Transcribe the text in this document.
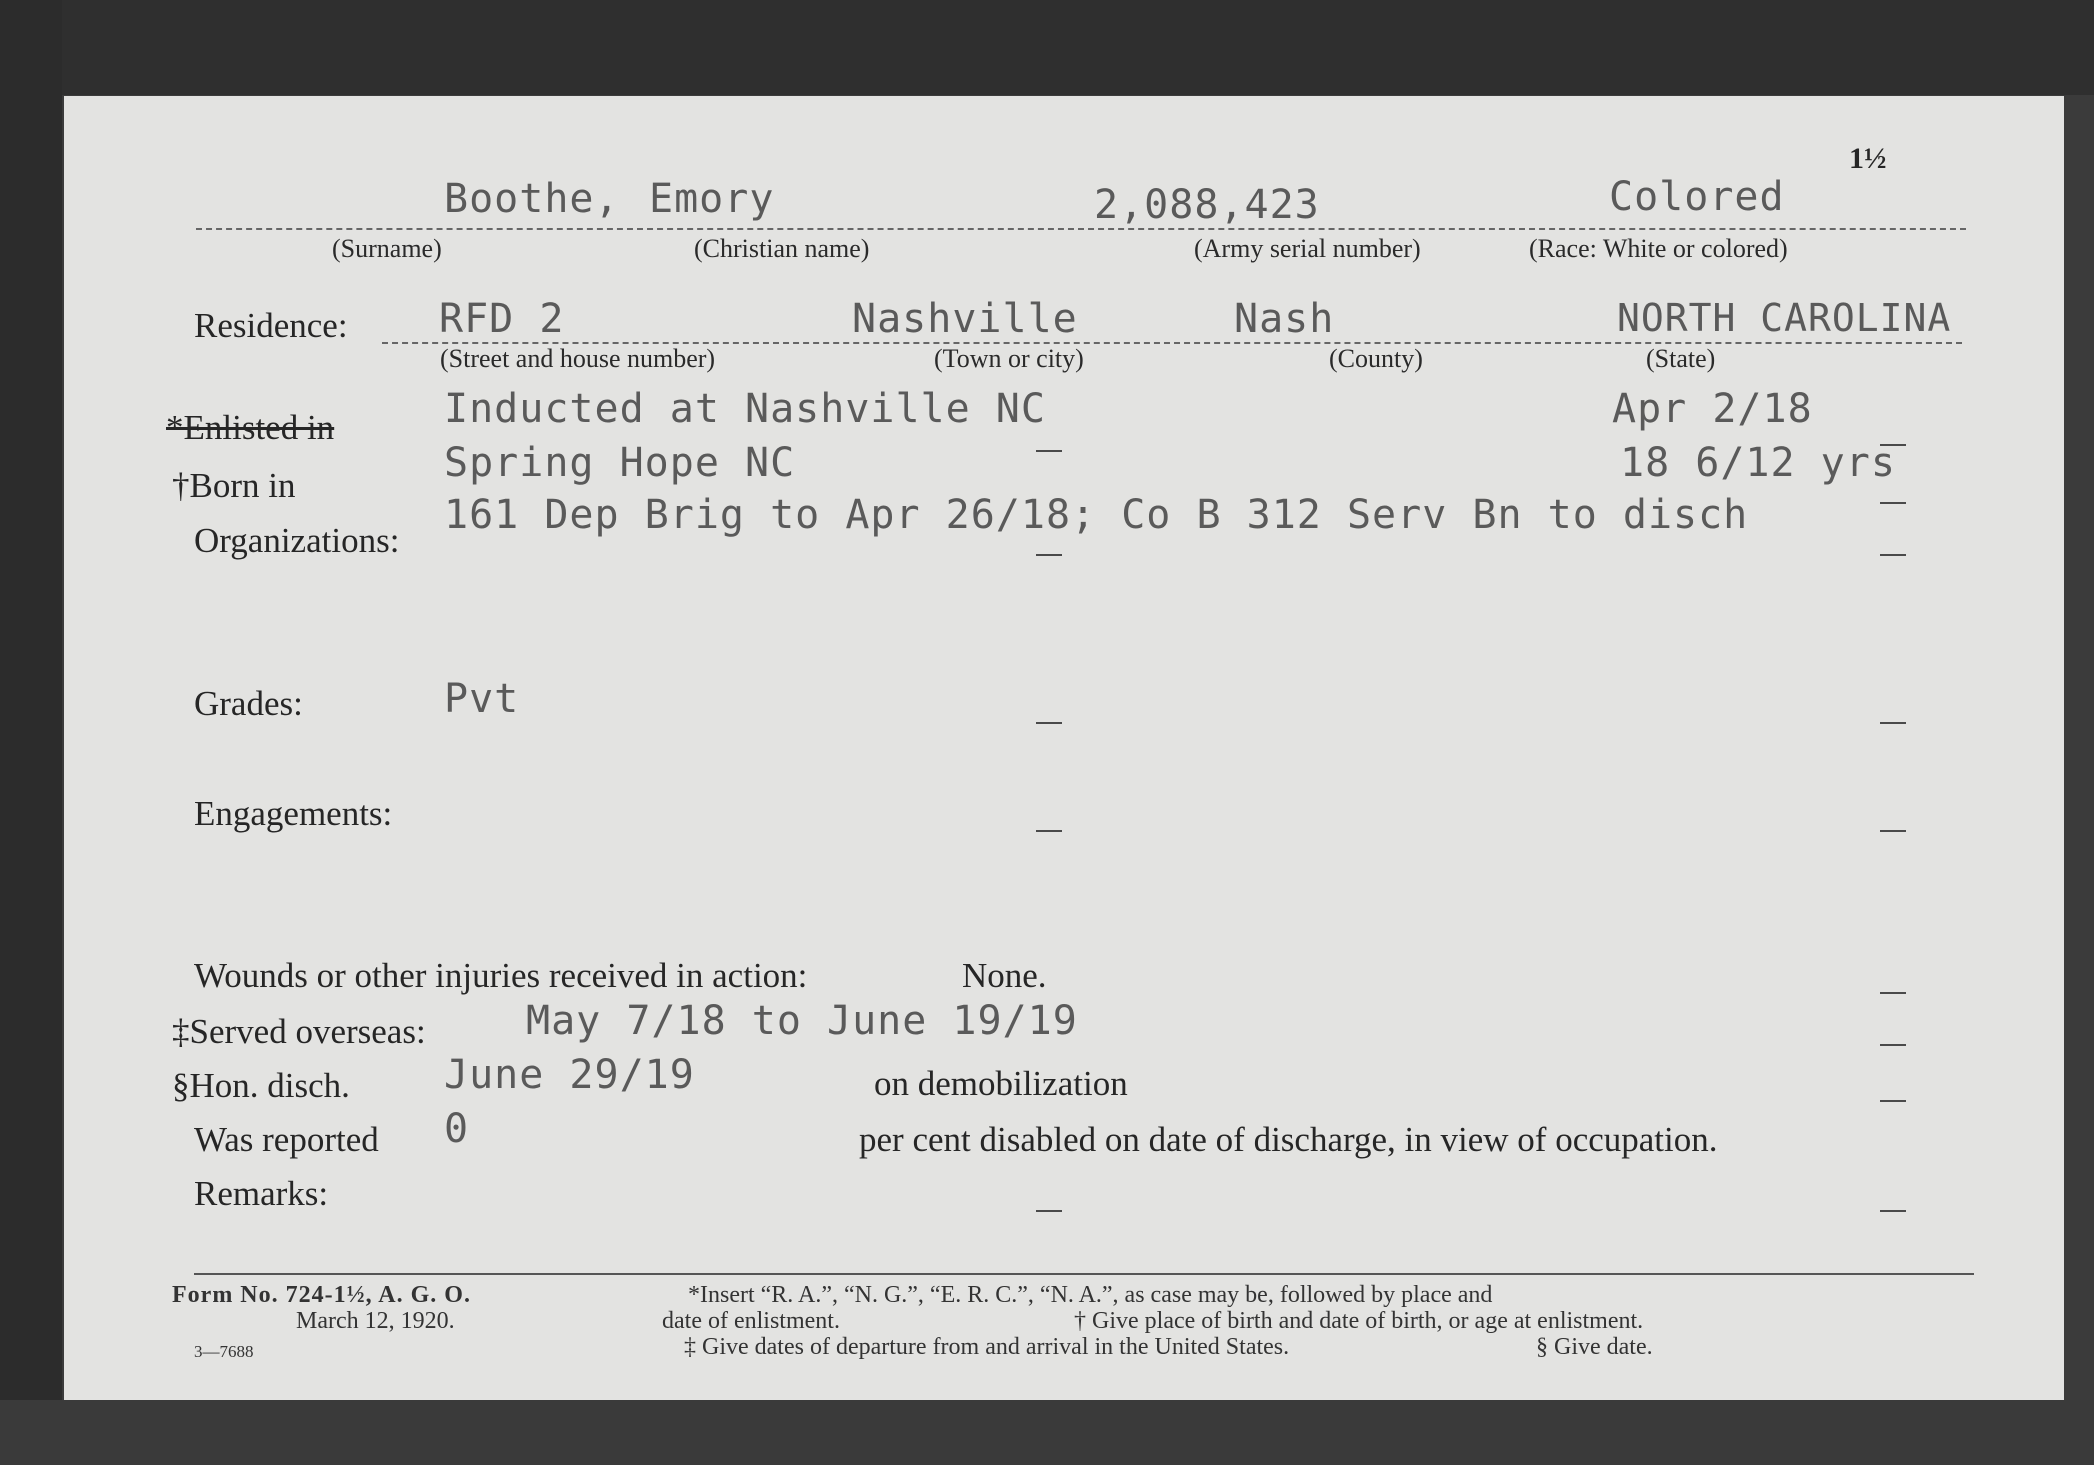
1½
Boothe, Emory	2,088,423	Colored
(Surname)	(Christian name)	(Army serial number)	(Race: White or colored)
Residence: RFD 2	Nashville	Nash	NORTH CAROLINA
(Street and house number)	(Town or city)	(County)	(State)
*Enlisted in	Inducted at Nashville NC	Apr 2/18
†Born in	Spring Hope NC	18 6/12 yrs
Organizations:
161 Dep Brig to Apr 26/18; Co B 312 Serv Bn to disch
Grades:	Pvt
Engagements:
Wounds or other injuries received in action:	None.
‡Served overseas:	May 7/18 to June 19/19
§Hon. disch. June 29/19	on demobilization
Was reported 0	per cent disabled on date of discharge, in view of occupation.
Remarks:
Form No. 724-1½, A. G. O.
March 12, 1920.
3—7688
*Insert “R. A.”, “N. G.”, “E. R. C.”, “N. A.”, as case may be, followed by place and
date of enlistment.	† Give place of birth and date of birth, or age at enlistment.
‡ Give dates of departure from and arrival in the United States.	§ Give date.
